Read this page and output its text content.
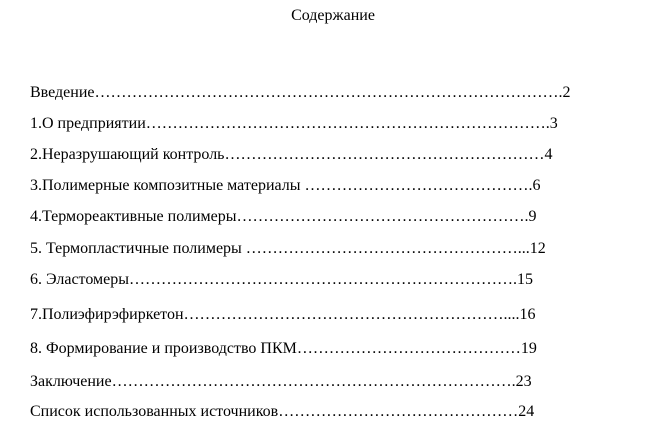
Содержание
Введение…………………………………………………………………………….2
1.О предприятии………………………………………………………………….3
2.Неразрушающий контроль……………………………………………………4
3.Полимерные композитные материалы …………………………………….6
4.Термореактивные полимеры……………………………………………….9
5. Термопластичные полимеры ……………………………………………...12
6. Эластомеры……………………………………………………………….15
7.Полиэфирэфиркетон……………………………………………………....16
8. Формирование и производство ПКМ……………………………………19
Заключение………………………………………………………………….23
Список использованных источников………………………………………24
